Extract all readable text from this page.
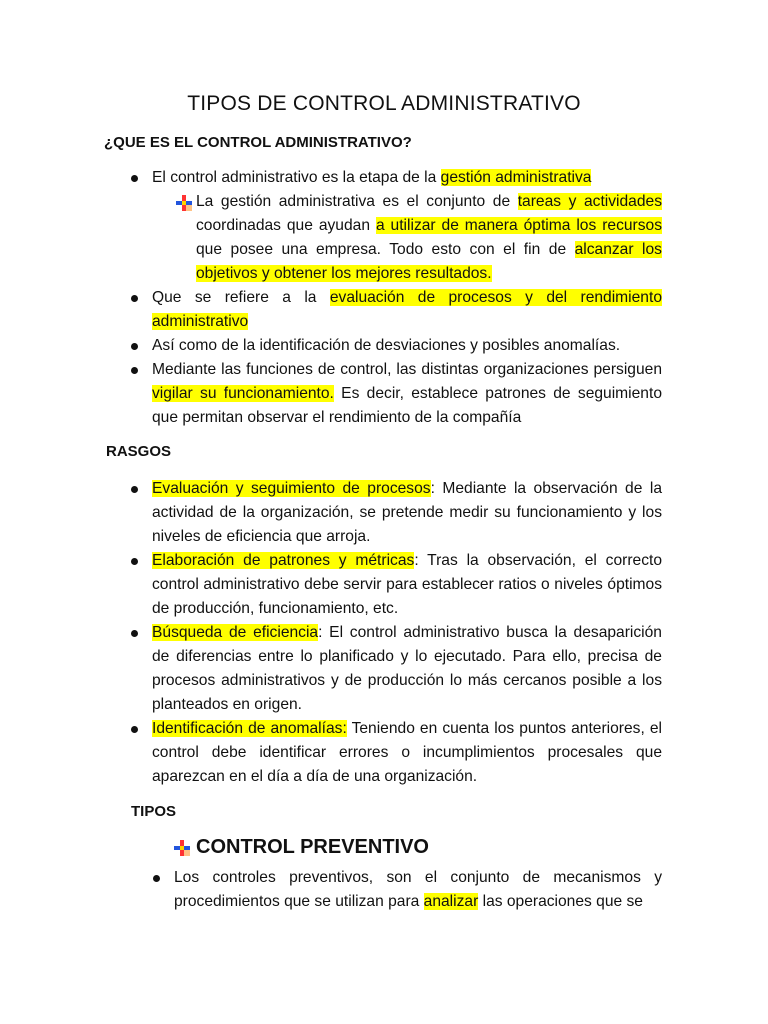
TIPOS DE CONTROL ADMINISTRATIVO
¿QUE ES EL CONTROL ADMINISTRATIVO?
El control administrativo es la etapa de la gestión administrativa
La gestión administrativa es el conjunto de tareas y actividades coordinadas que ayudan a utilizar de manera óptima los recursos que posee una empresa. Todo esto con el fin de alcanzar los objetivos y obtener los mejores resultados.
Que se refiere a la evaluación de procesos y del rendimiento administrativo
Así como de la identificación de desviaciones y posibles anomalías.
Mediante las funciones de control, las distintas organizaciones persiguen vigilar su funcionamiento. Es decir, establece patrones de seguimiento que permitan observar el rendimiento de la compañía
RASGOS
Evaluación y seguimiento de procesos: Mediante la observación de la actividad de la organización, se pretende medir su funcionamiento y los niveles de eficiencia que arroja.
Elaboración de patrones y métricas: Tras la observación, el correcto control administrativo debe servir para establecer ratios o niveles óptimos de producción, funcionamiento, etc.
Búsqueda de eficiencia: El control administrativo busca la desaparición de diferencias entre lo planificado y lo ejecutado. Para ello, precisa de procesos administrativos y de producción lo más cercanos posible a los planteados en origen.
Identificación de anomalías: Teniendo en cuenta los puntos anteriores, el control debe identificar errores o incumplimientos procesales que aparezcan en el día a día de una organización.
TIPOS
CONTROL PREVENTIVO
Los controles preventivos, son el conjunto de mecanismos y procedimientos que se utilizan para analizar las operaciones que se
